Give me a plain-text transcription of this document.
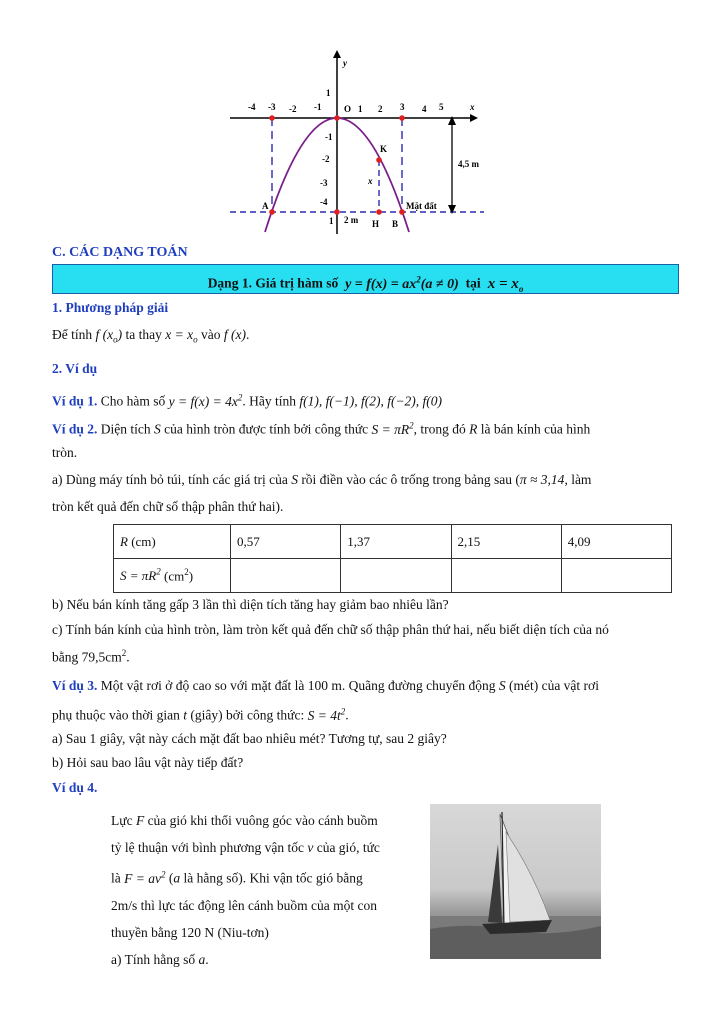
-4 -3 -2 -1	1 2 3 4 5
O
1
-1
-2
-3
-4
y
x
K
x
A
B
H
1 2 m
Mặt đất
4,5 m
C. CÁC DẠNG TOÁN
Dạng 1. Giá trị hàm số  $y = f(x) = ax^2(a \ne 0)$  tại  $x = x_o$
1. Phương pháp giải
Để tính f $(x_o)$ ta thay $x = x_o$ vào f (x).
2. Ví dụ
Ví dụ 1. Cho hàm số $y = f(x) = 4x^2$. Hãy tính f(1), f(−1), f(2), f(−2), f(0)
Ví dụ 2. Diện tích S của hình tròn được tính bởi công thức $S = \pi R^2$, trong đó R là bán kính của hình
tròn.
a) Dùng máy tính bỏ túi, tính các giá trị của S rồi điền vào các ô trống trong bảng sau (π ≈ 3,14, làm
tròn kết quả đến chữ số thập phân thứ hai).
R (cm)	0,57	1,37	2,15	4,09
$S = \pi R^2$ $(cm^2)$				
b) Nếu bán kính tăng gấp 3 lần thì diện tích tăng hay giảm bao nhiêu lần?
c) Tính bán kính của hình tròn, làm tròn kết quả đến chữ số thập phân thứ hai, nếu biết diện tích của nó
bằng $79,5cm^2$.
Ví dụ 3. Một vật rơi ở độ cao so với mặt đất là 100 m. Quãng đường chuyển động S (mét) của vật rơi
phụ thuộc vào thời gian t (giây) bởi công thức: $S = 4t^2$.
a) Sau 1 giây, vật này cách mặt đất bao nhiêu mét? Tương tự, sau 2 giây?
b) Hỏi sau bao lâu vật này tiếp đất?
Ví dụ 4.
Lực F của gió khi thổi vuông góc vào cánh buồm
tỷ lệ thuận với bình phương vận tốc v của gió, tức
là $F = av^2$ (a là hằng số). Khi vận tốc gió bằng
2m/s thì lực tác động lên cánh buồm của một con
thuyền bằng 120 N (Niu-tơn)
a) Tính hằng số a.
